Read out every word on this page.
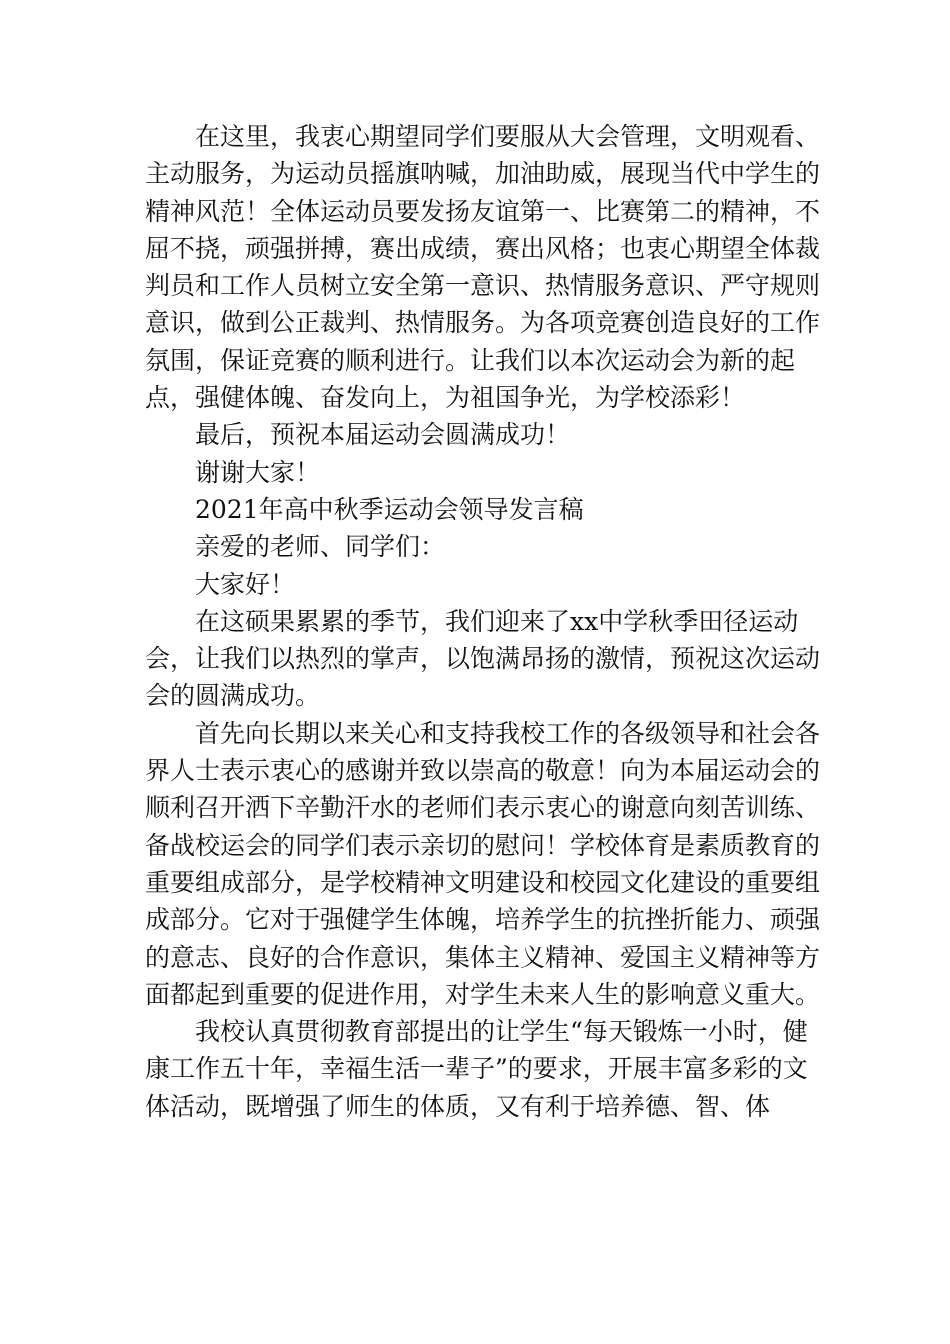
在这里，我衷心期望同学们要服从大会管理，文明观看、主动服务，为运动员摇旗呐喊，加油助威，展现当代中学生的精神风范！全体运动员要发扬友谊第一、比赛第二的精神，不屈不挠，顽强拼搏，赛出成绩，赛出风格；也衷心期望全体裁判员和工作人员树立安全第一意识、热情服务意识、严守规则意识，做到公正裁判、热情服务。为各项竞赛创造良好的工作氛围，保证竞赛的顺利进行。让我们以本次运动会为新的起点，强健体魄、奋发向上，为祖国争光，为学校添彩！

最后，预祝本届运动会圆满成功！

谢谢大家！

2021年高中秋季运动会领导发言稿

亲爱的老师、同学们：

大家好！

在这硕果累累的季节，我们迎来了xx中学秋季田径运动会，让我们以热烈的掌声，以饱满昂扬的激情，预祝这次运动会的圆满成功。

首先向长期以来关心和支持我校工作的各级领导和社会各界人士表示衷心的感谢并致以崇高的敬意！向为本届运动会的顺利召开洒下辛勤汗水的老师们表示衷心的谢意向刻苦训练、备战校运会的同学们表示亲切的慰问！学校体育是素质教育的重要组成部分，是学校精神文明建设和校园文化建设的重要组成部分。它对于强健学生体魄，培养学生的抗挫折能力、顽强的意志、良好的合作意识，集体主义精神、爱国主义精神等方面都起到重要的促进作用，对学生未来人生的影响意义重大。

我校认真贯彻教育部提出的让学生“每天锻炼一小时，健康工作五十年，幸福生活一辈子”的要求，开展丰富多彩的文体活动，既增强了师生的体质，又有利于培养德、智、体
